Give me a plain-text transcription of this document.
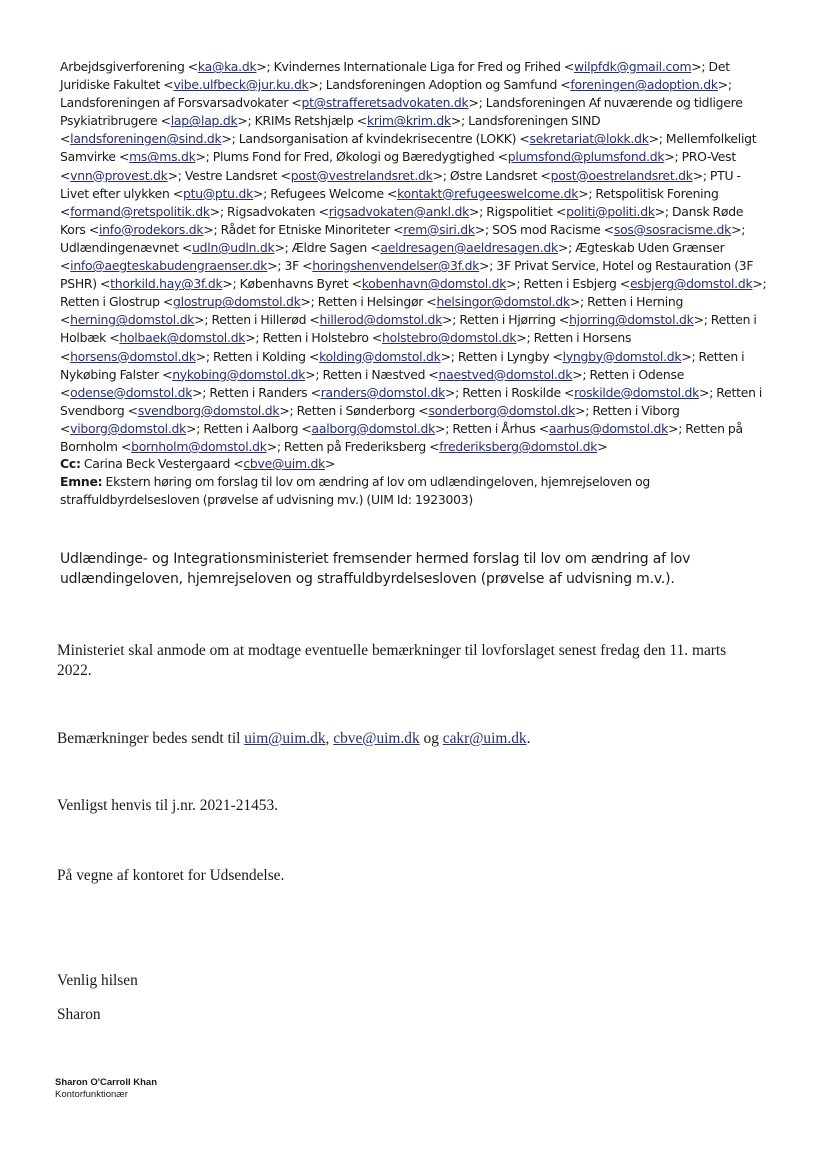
Arbejdsgiverforening <ka@ka.dk>; Kvindernes Internationale Liga for Fred og Frihed <wilpfdk@gmail.com>; Det
Juridiske Fakultet <vibe.ulfbeck@jur.ku.dk>; Landsforeningen Adoption og Samfund <foreningen@adoption.dk>;
Landsforeningen af Forsvarsadvokater <pt@strafferetsadvokaten.dk>; Landsforeningen Af nuværende og tidligere
Psykiatribrugere <lap@lap.dk>; KRIMs Retshjælp <krim@krim.dk>; Landsforeningen SIND
<landsforeningen@sind.dk>; Landsorganisation af kvindekrisecentre (LOKK) <sekretariat@lokk.dk>; Mellemfolkeligt
Samvirke <ms@ms.dk>; Plums Fond for Fred, Økologi og Bæredygtighed <plumsfond@plumsfond.dk>; PRO-Vest
<vnn@provest.dk>; Vestre Landsret <post@vestrelandsret.dk>; Østre Landsret <post@oestrelandsret.dk>; PTU -
Livet efter ulykken <ptu@ptu.dk>; Refugees Welcome <kontakt@refugeeswelcome.dk>; Retspolitisk Forening
<formand@retspolitik.dk>; Rigsadvokaten <rigsadvokaten@ankl.dk>; Rigspolitiet <politi@politi.dk>; Dansk Røde
Kors <info@rodekors.dk>; Rådet for Etniske Minoriteter <rem@siri.dk>; SOS mod Racisme <sos@sosracisme.dk>;
Udlændingenævnet <udln@udln.dk>; Ældre Sagen <aeldresagen@aeldresagen.dk>; Ægteskab Uden Grænser
<info@aegteskabudengraenser.dk>; 3F <horingshenvendelser@3f.dk>; 3F Privat Service, Hotel og Restauration (3F
PSHR) <thorkild.hay@3f.dk>; Københavns Byret <kobenhavn@domstol.dk>; Retten i Esbjerg <esbjerg@domstol.dk>;
Retten i Glostrup <glostrup@domstol.dk>; Retten i Helsingør <helsingor@domstol.dk>; Retten i Herning
<herning@domstol.dk>; Retten i Hillerød <hillerod@domstol.dk>; Retten i Hjørring <hjorring@domstol.dk>; Retten i
Holbæk <holbaek@domstol.dk>; Retten i Holstebro <holstebro@domstol.dk>; Retten i Horsens
<horsens@domstol.dk>; Retten i Kolding <kolding@domstol.dk>; Retten i Lyngby <lyngby@domstol.dk>; Retten i
Nykøbing Falster <nykobing@domstol.dk>; Retten i Næstved <naestved@domstol.dk>; Retten i Odense
<odense@domstol.dk>; Retten i Randers <randers@domstol.dk>; Retten i Roskilde <roskilde@domstol.dk>; Retten i
Svendborg <svendborg@domstol.dk>; Retten i Sønderborg <sonderborg@domstol.dk>; Retten i Viborg
<viborg@domstol.dk>; Retten i Aalborg <aalborg@domstol.dk>; Retten i Århus <aarhus@domstol.dk>; Retten på
Bornholm <bornholm@domstol.dk>; Retten på Frederiksberg <frederiksberg@domstol.dk>
Cc: Carina Beck Vestergaard <cbve@uim.dk>
Emne: Ekstern høring om forslag til lov om ændring af lov om udlændingeloven, hjemrejseloven og
straffuldbyrdelsesloven (prøvelse af udvisning mv.) (UIM Id: 1923003)
Udlændinge- og Integrationsministeriet fremsender hermed forslag til lov om ændring af lov
udlændingeloven, hjemrejseloven og straffuldbyrdelsesloven (prøvelse af udvisning m.v.).
Ministeriet skal anmode om at modtage eventuelle bemærkninger til lovforslaget senest fredag den 11. marts
2022.
Bemærkninger bedes sendt til uim@uim.dk, cbve@uim.dk og cakr@uim.dk.
Venligst henvis til j.nr. 2021-21453.
På vegne af kontoret for Udsendelse.
Venlig hilsen
Sharon
Sharon O'Carroll Khan
Kontorfunktionær
